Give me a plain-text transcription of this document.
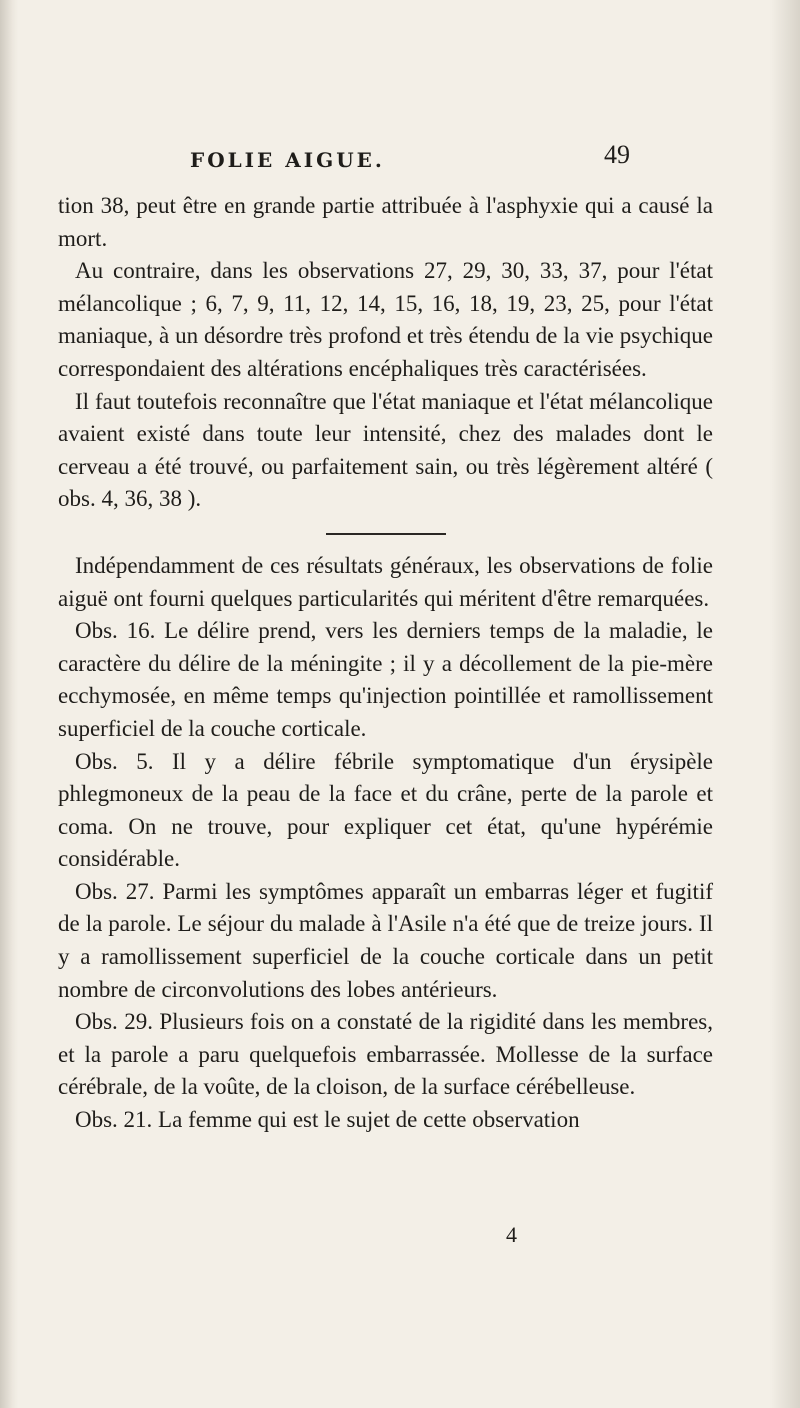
FOLIE AIGUE.	49

tion 38, peut être en grande partie attribuée à l'asphyxie qui a causé la mort.

Au contraire, dans les observations 27, 29, 30, 33, 37, pour l'état mélancolique ; 6, 7, 9, 11, 12, 14, 15, 16, 18, 19, 23, 25, pour l'état maniaque, à un désordre très profond et très étendu de la vie psychique correspondaient des altérations encéphaliques très caractérisées.

Il faut toutefois reconnaître que l'état maniaque et l'état mélancolique avaient existé dans toute leur intensité, chez des malades dont le cerveau a été trouvé, ou parfaitement sain, ou très légèrement altéré ( obs. 4, 36, 38 ).

Indépendamment de ces résultats généraux, les observations de folie aiguë ont fourni quelques particularités qui méritent d'être remarquées.

Obs. 16. Le délire prend, vers les derniers temps de la maladie, le caractère du délire de la méningite ; il y a décollement de la pie-mère ecchymosée, en même temps qu'injection pointillée et ramollissement superficiel de la couche corticale.

Obs. 5. Il y a délire fébrile symptomatique d'un érysipèle phlegmoneux de la peau de la face et du crâne, perte de la parole et coma. On ne trouve, pour expliquer cet état, qu'une hypérémie considérable.

Obs. 27. Parmi les symptômes apparaît un embarras léger et fugitif de la parole. Le séjour du malade à l'Asile n'a été que de treize jours. Il y a ramollissement superficiel de la couche corticale dans un petit nombre de circonvolutions des lobes antérieurs.

Obs. 29. Plusieurs fois on a constaté de la rigidité dans les membres, et la parole a paru quelquefois embarrassée. Mollesse de la surface cérébrale, de la voûte, de la cloison, de la surface cérébelleuse.

Obs. 21. La femme qui est le sujet de cette observation

4
